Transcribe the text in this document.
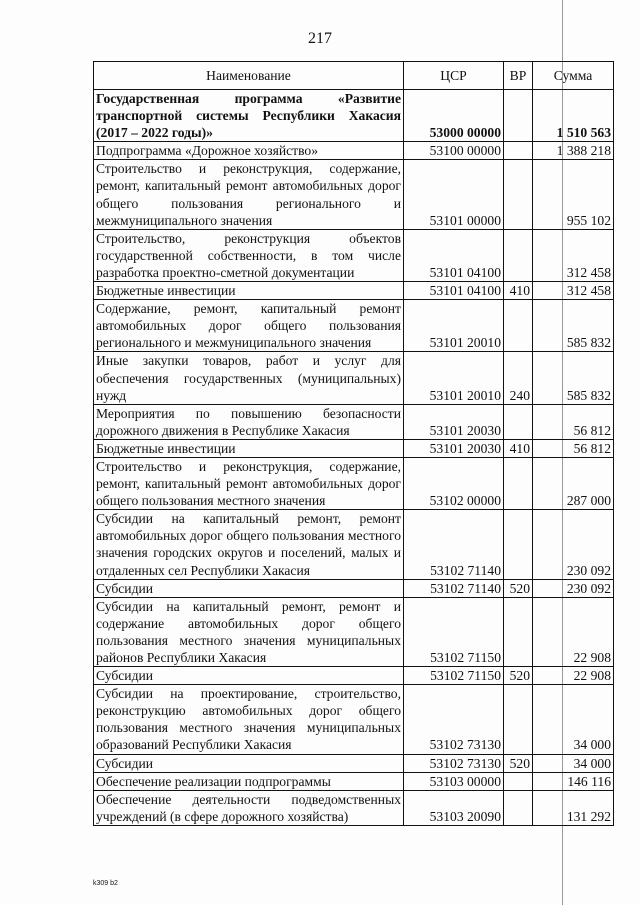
217
Наименование	ЦСР	ВР	Сумма
Государственная программа «Развитие транспортной системы Республики Хакасия (2017 – 2022 годы)»	53000 00000		1 510 563
Подпрограмма «Дорожное хозяйство»	53100 00000		1 388 218
Строительство и реконструкция, содержание, ремонт, капитальный ремонт автомобильных дорог общего пользования регионального и межмуниципального значения	53101 00000		955 102
Строительство, реконструкция объектов государственной собственности, в том числе разработка проектно-сметной документации	53101 04100		312 458
Бюджетные инвестиции	53101 04100	410	312 458
Содержание, ремонт, капитальный ремонт автомобильных дорог общего пользования регионального и межмуниципального значения	53101 20010		585 832
Иные закупки товаров, работ и услуг для обеспечения государственных (муниципальных) нужд	53101 20010	240	585 832
Мероприятия по повышению безопасности дорожного движения в Республике Хакасия	53101 20030		56 812
Бюджетные инвестиции	53101 20030	410	56 812
Строительство и реконструкция, содержание, ремонт, капитальный ремонт автомобильных дорог общего пользования местного значения	53102 00000		287 000
Субсидии на капитальный ремонт, ремонт автомобильных дорог общего пользования местного значения городских округов и поселений, малых и отдаленных сел Республики Хакасия	53102 71140		230 092
Субсидии	53102 71140	520	230 092
Субсидии на капитальный ремонт, ремонт и содержание автомобильных дорог общего пользования местного значения муниципальных районов Республики Хакасия	53102 71150		22 908
Субсидии	53102 71150	520	22 908
Субсидии на проектирование, строительство, реконструкцию автомобильных дорог общего пользования местного значения муниципальных образований Республики Хакасия	53102 73130		34 000
Субсидии	53102 73130	520	34 000
Обеспечение реализации подпрограммы	53103 00000		146 116
Обеспечение деятельности подведомственных учреждений (в сфере дорожного хозяйства)	53103 20090		131 292
k309 b2
